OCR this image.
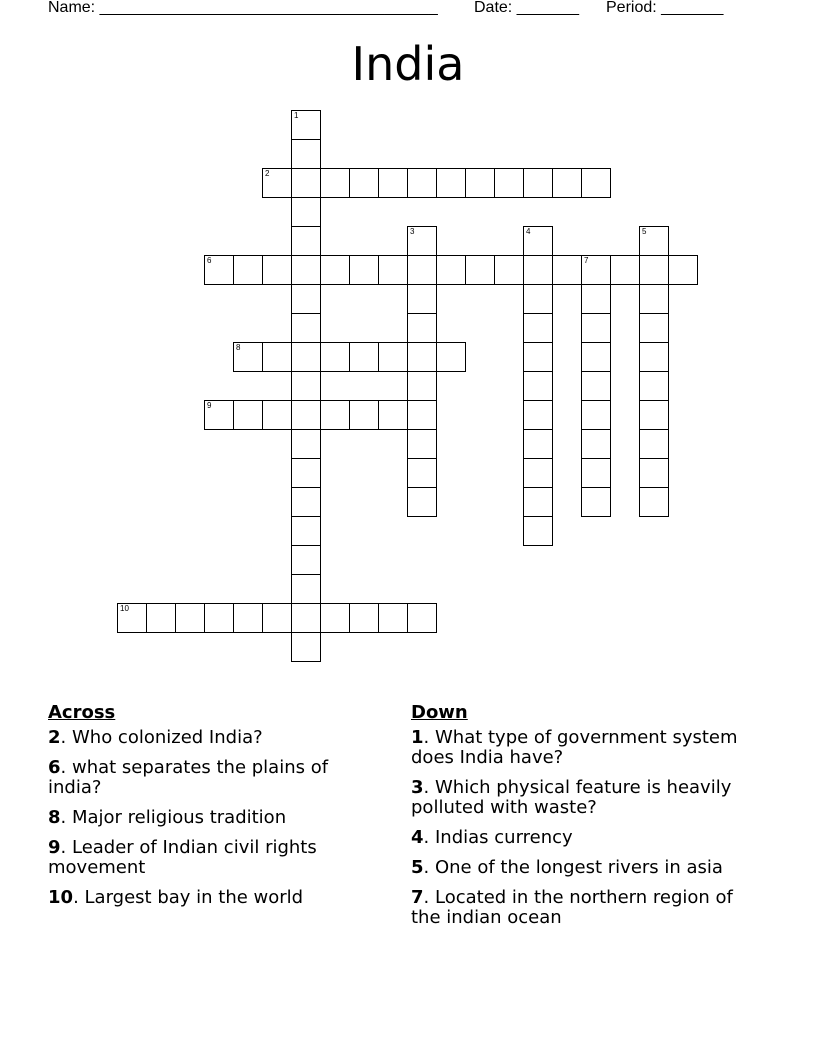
Name: ______________________________________ Date: _______ Period: _______
India
2
6	7
8
9
10
1
3	4	5
Across
2. Who colonized India?
6. what separates the plains of india?
8. Major religious tradition
9. Leader of Indian civil rights movement
10. Largest bay in the world
Down
1. What type of government system does India have?
3. Which physical feature is heavily polluted with waste?
4. Indias currency
5. One of the longest rivers in asia
7. Located in the northern region of the indian ocean
